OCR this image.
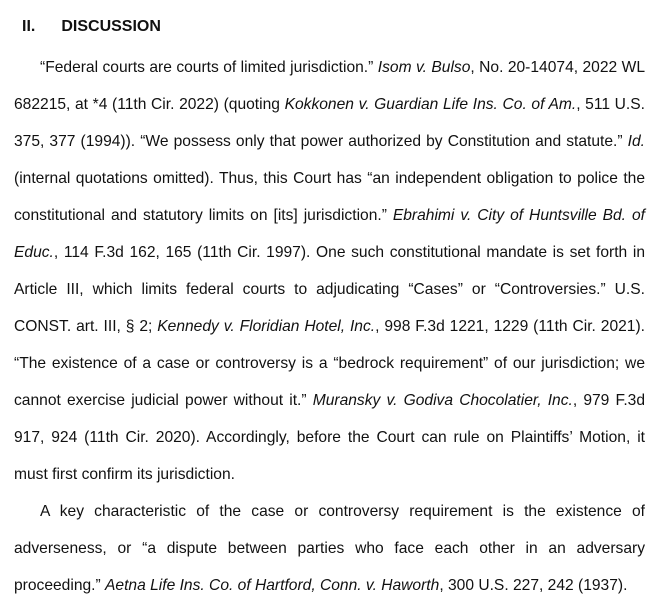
II. DISCUSSION

“Federal courts are courts of limited jurisdiction.” Isom v. Bulso, No. 20-14074, 2022 WL 682215, at *4 (11th Cir. 2022) (quoting Kokkonen v. Guardian Life Ins. Co. of Am., 511 U.S. 375, 377 (1994)). “We possess only that power authorized by Constitution and statute.” Id. (internal quotations omitted). Thus, this Court has “an independent obligation to police the constitutional and statutory limits on [its] jurisdiction.” Ebrahimi v. City of Huntsville Bd. of Educ., 114 F.3d 162, 165 (11th Cir. 1997). One such constitutional mandate is set forth in Article III, which limits federal courts to adjudicating “Cases” or “Controversies.” U.S. CONST. art. III, § 2; Kennedy v. Floridian Hotel, Inc., 998 F.3d 1221, 1229 (11th Cir. 2021). “The existence of a case or controversy is a “bedrock requirement” of our jurisdiction; we cannot exercise judicial power without it.” Muransky v. Godiva Chocolatier, Inc., 979 F.3d 917, 924 (11th Cir. 2020). Accordingly, before the Court can rule on Plaintiffs’ Motion, it must first confirm its jurisdiction.

A key characteristic of the case or controversy requirement is the existence of adverseness, or “a dispute between parties who face each other in an adversary proceeding.” Aetna Life Ins. Co. of Hartford, Conn. v. Haworth, 300 U.S. 227, 242 (1937).
